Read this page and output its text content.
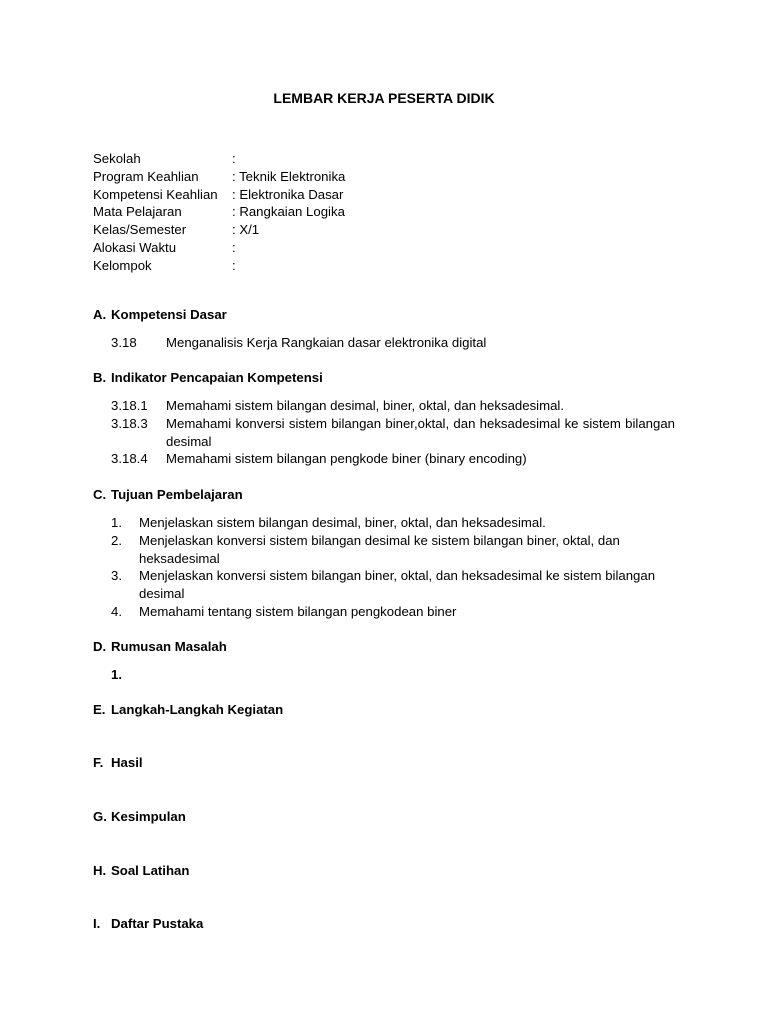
LEMBAR KERJA PESERTA DIDIK
Sekolah	:
Program Keahlian	: Teknik Elektronika
Kompetensi Keahlian	: Elektronika Dasar
Mata Pelajaran	: Rangkaian Logika
Kelas/Semester	: X/1
Alokasi Waktu	:
Kelompok	:
A. Kompetensi Dasar
3.18	Menganalisis Kerja Rangkaian dasar elektronika digital
B. Indikator Pencapaian Kompetensi
3.18.1	Memahami sistem bilangan desimal, biner, oktal, dan heksadesimal.
3.18.3	Memahami konversi sistem bilangan biner,oktal, dan heksadesimal ke sistem bilangan desimal
3.18.4	Memahami sistem bilangan pengkode biner (binary encoding)
C. Tujuan Pembelajaran
1.	Menjelaskan sistem bilangan desimal, biner, oktal, dan heksadesimal.
2.	Menjelaskan konversi sistem bilangan desimal ke sistem bilangan biner, oktal, dan heksadesimal
3.	Menjelaskan konversi sistem bilangan biner, oktal, dan heksadesimal ke sistem bilangan desimal
4.	Memahami tentang sistem bilangan pengkodean biner
D. Rumusan Masalah
1.
E. Langkah-Langkah Kegiatan
F. Hasil
G. Kesimpulan
H. Soal Latihan
I. Daftar Pustaka
